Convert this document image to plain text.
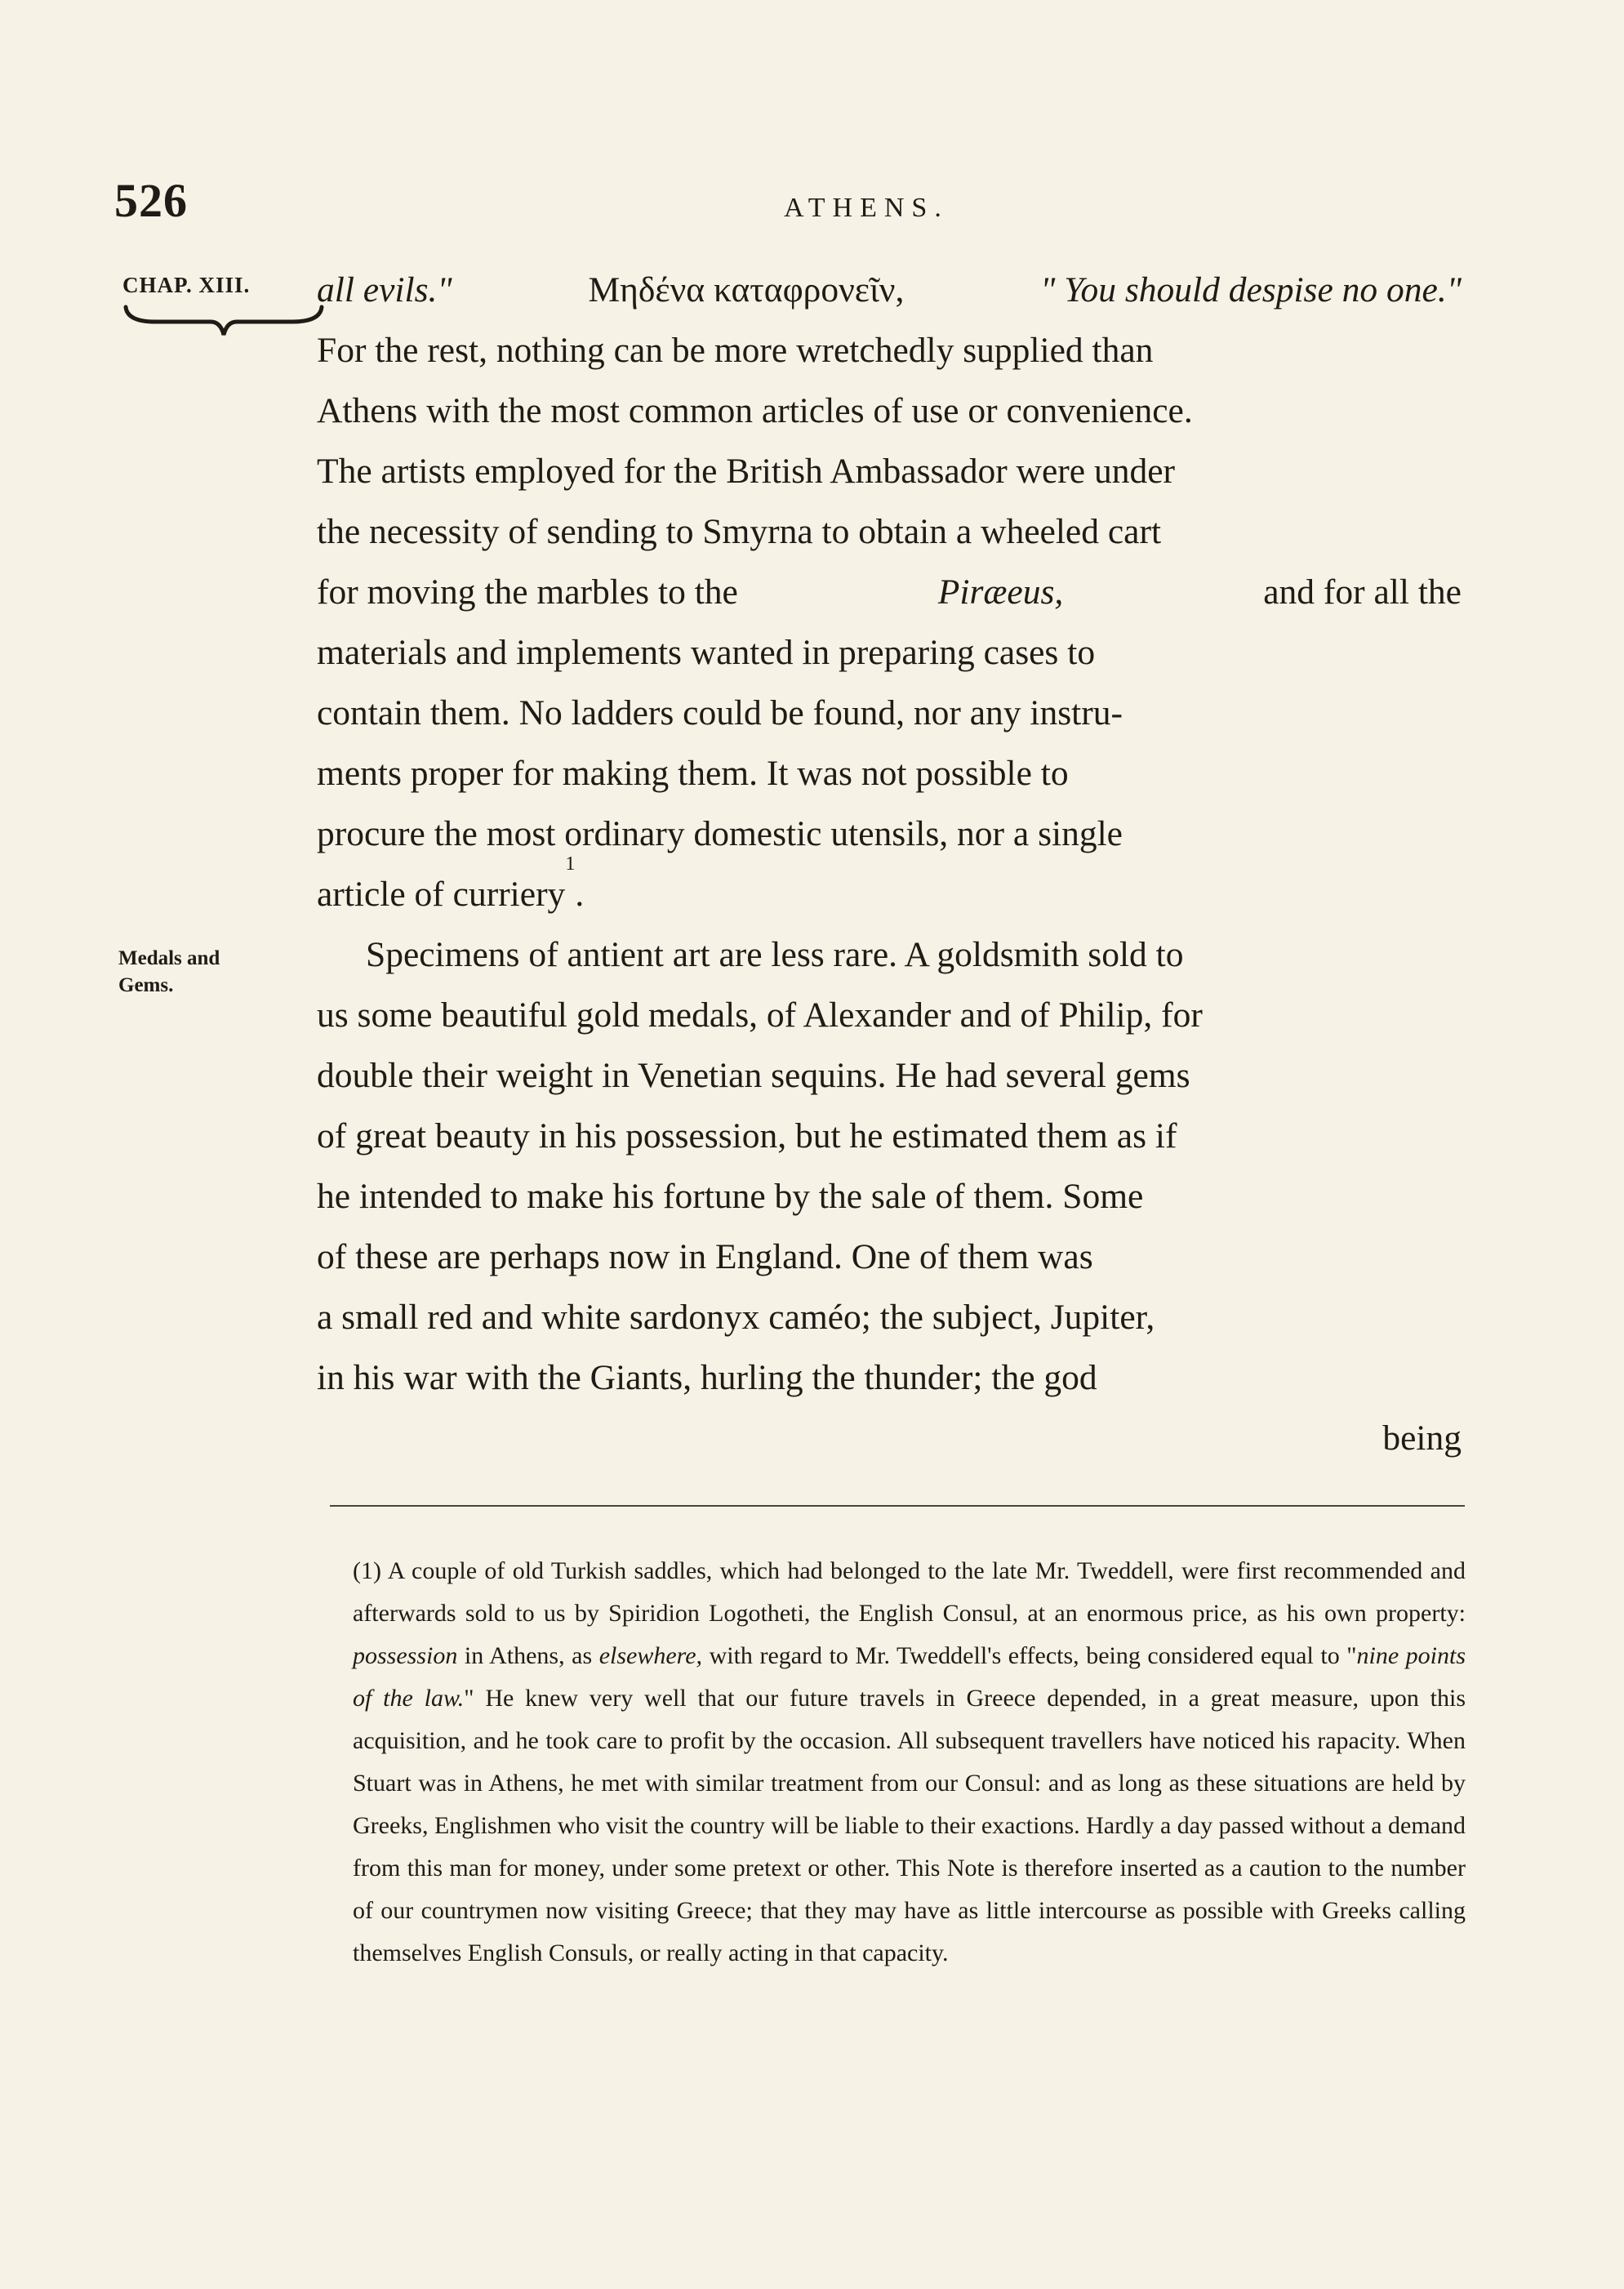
526	ATHENS.
CHAP. XIII.
Medals and Gems.
all evils."	Μηδένα καταφρονεῖν,	" You should despise no one."
For the rest, nothing can be more wretchedly supplied than
Athens with the most common articles of use or convenience.
The artists employed for the British Ambassador were under
the necessity of sending to Smyrna to obtain a wheeled cart
for moving the marbles to the	Piræeus,	and for all the
materials and implements wanted in preparing cases to
contain them. No ladders could be found, nor any instru-
ments proper for making them. It was not possible to
procure the most ordinary domestic utensils, nor a single
article of curriery
1
.
Specimens of antient art are less rare. A goldsmith sold to
us some beautiful gold medals, of Alexander and of Philip, for
double their weight in Venetian sequins. He had several gems
of great beauty in his possession, but he estimated them as if
he intended to make his fortune by the sale of them. Some
of these are perhaps now in England. One of them was
a small red and white sardonyx caméo; the subject, Jupiter,
in his war with the Giants, hurling the thunder; the god
being
(1) A couple of old Turkish saddles, which had belonged to the late Mr. Tweddell, were first recommended and afterwards sold to us by Spiridion Logotheti, the English Consul, at an enormous price, as his own property: possession in Athens, as elsewhere, with regard to Mr. Tweddell's effects, being considered equal to "nine points of the law." He knew very well that our future travels in Greece depended, in a great measure, upon this acquisition, and he took care to profit by the occasion. All subsequent travellers have noticed his rapacity. When Stuart was in Athens, he met with similar treatment from our Consul: and as long as these situations are held by Greeks, Englishmen who visit the country will be liable to their exactions. Hardly a day passed without a demand from this man for money, under some pretext or other. This Note is therefore inserted as a caution to the number of our countrymen now visiting Greece; that they may have as little intercourse as possible with Greeks calling themselves English Consuls, or really acting in that capacity.
